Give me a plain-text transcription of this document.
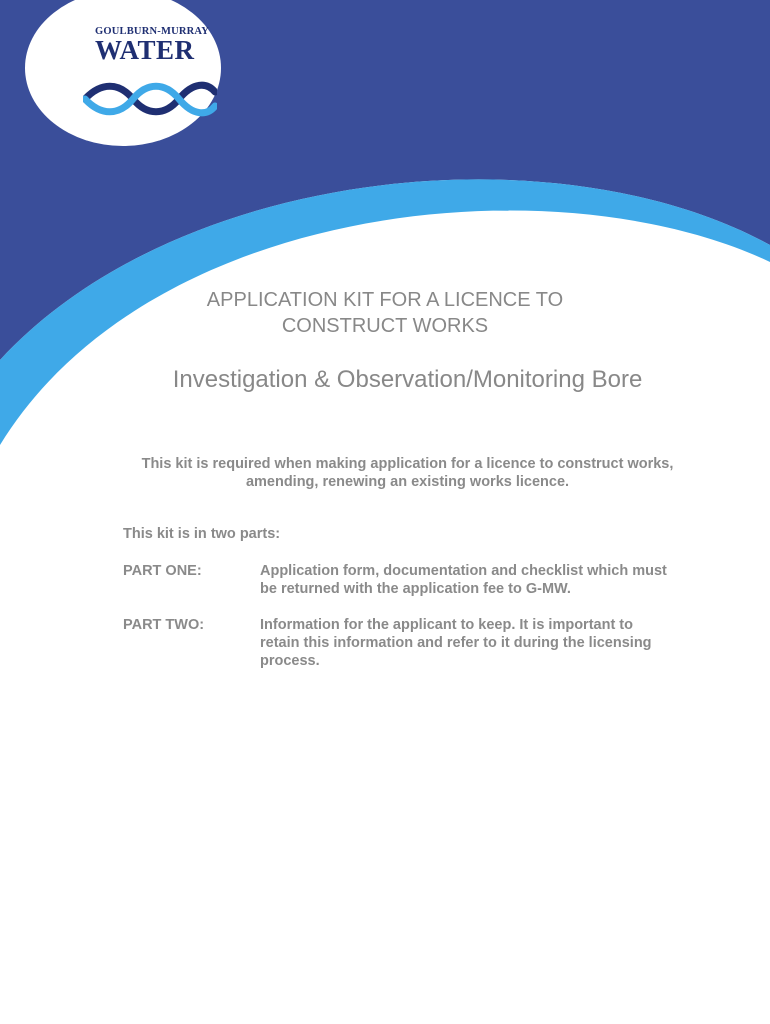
GOULBURN-MURRAY
WATER
APPLICATION KIT FOR A LICENCE TO
CONSTRUCT WORKS
Investigation & Observation/Monitoring Bore
This kit is required when making application for a licence to construct works,
amending, renewing an existing works licence.
This kit is in two parts:
PART ONE:	Application form, documentation and checklist which must
be returned with the application fee to G-MW.
PART TWO:	Information for the applicant to keep. It is important to
retain this information and refer to it during the licensing
process.
